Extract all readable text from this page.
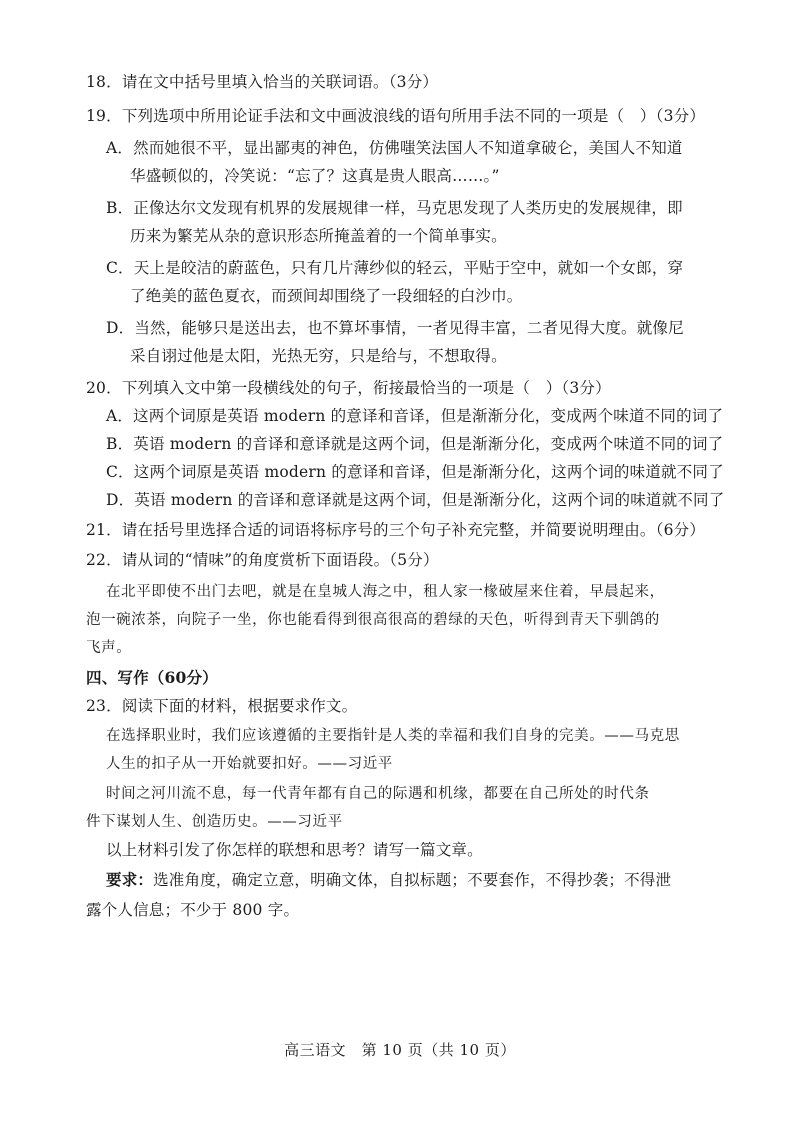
18．请在文中括号里填入恰当的关联词语。（3分）
19．下列选项中所用论证手法和文中画波浪线的语句所用手法不同的一项是（　）（3分）
A．然而她很不平，显出鄙夷的神色，仿佛嗤笑法国人不知道拿破仑，美国人不知道
华盛顿似的，冷笑说：“忘了？这真是贵人眼高……。”
B．正像达尔文发现有机界的发展规律一样，马克思发现了人类历史的发展规律，即
历来为繁芜从杂的意识形态所掩盖着的一个简单事实。
C．天上是皎洁的蔚蓝色，只有几片薄纱似的轻云，平贴于空中，就如一个女郎，穿
了绝美的蓝色夏衣，而颈间却围绕了一段细轻的白沙巾。
D．当然，能够只是送出去，也不算坏事情，一者见得丰富，二者见得大度。就像尼
采自诩过他是太阳，光热无穷，只是给与，不想取得。
20．下列填入文中第一段横线处的句子，衔接最恰当的一项是（　）（3分）
A．这两个词原是英语 modern 的意译和音译，但是渐渐分化，变成两个味道不同的词了
B．英语 modern 的音译和意译就是这两个词，但是渐渐分化，变成两个味道不同的词了
C．这两个词原是英语 modern 的意译和音译，但是渐渐分化，这两个词的味道就不同了
D．英语 modern 的音译和意译就是这两个词，但是渐渐分化，这两个词的味道就不同了
21．请在括号里选择合适的词语将标序号的三个句子补充完整，并简要说明理由。（6分）
22．请从词的“情味”的角度赏析下面语段。（5分）
在北平即使不出门去吧，就是在皇城人海之中，租人家一椽破屋来住着，早晨起来，
泡一碗浓茶，向院子一坐，你也能看得到很高很高的碧绿的天色，听得到青天下驯鸽的
飞声。
四、写作（60分）
23．阅读下面的材料，根据要求作文。
在选择职业时，我们应该遵循的主要指针是人类的幸福和我们自身的完美。——马克思
人生的扣子从一开始就要扣好。——习近平
时间之河川流不息，每一代青年都有自己的际遇和机缘，都要在自己所处的时代条
件下谋划人生、创造历史。——习近平
以上材料引发了你怎样的联想和思考？请写一篇文章。
要求：选准角度，确定立意，明确文体，自拟标题；不要套作，不得抄袭；不得泄
露个人信息；不少于 800 字。
高三语文　第 10 页（共 10 页）
